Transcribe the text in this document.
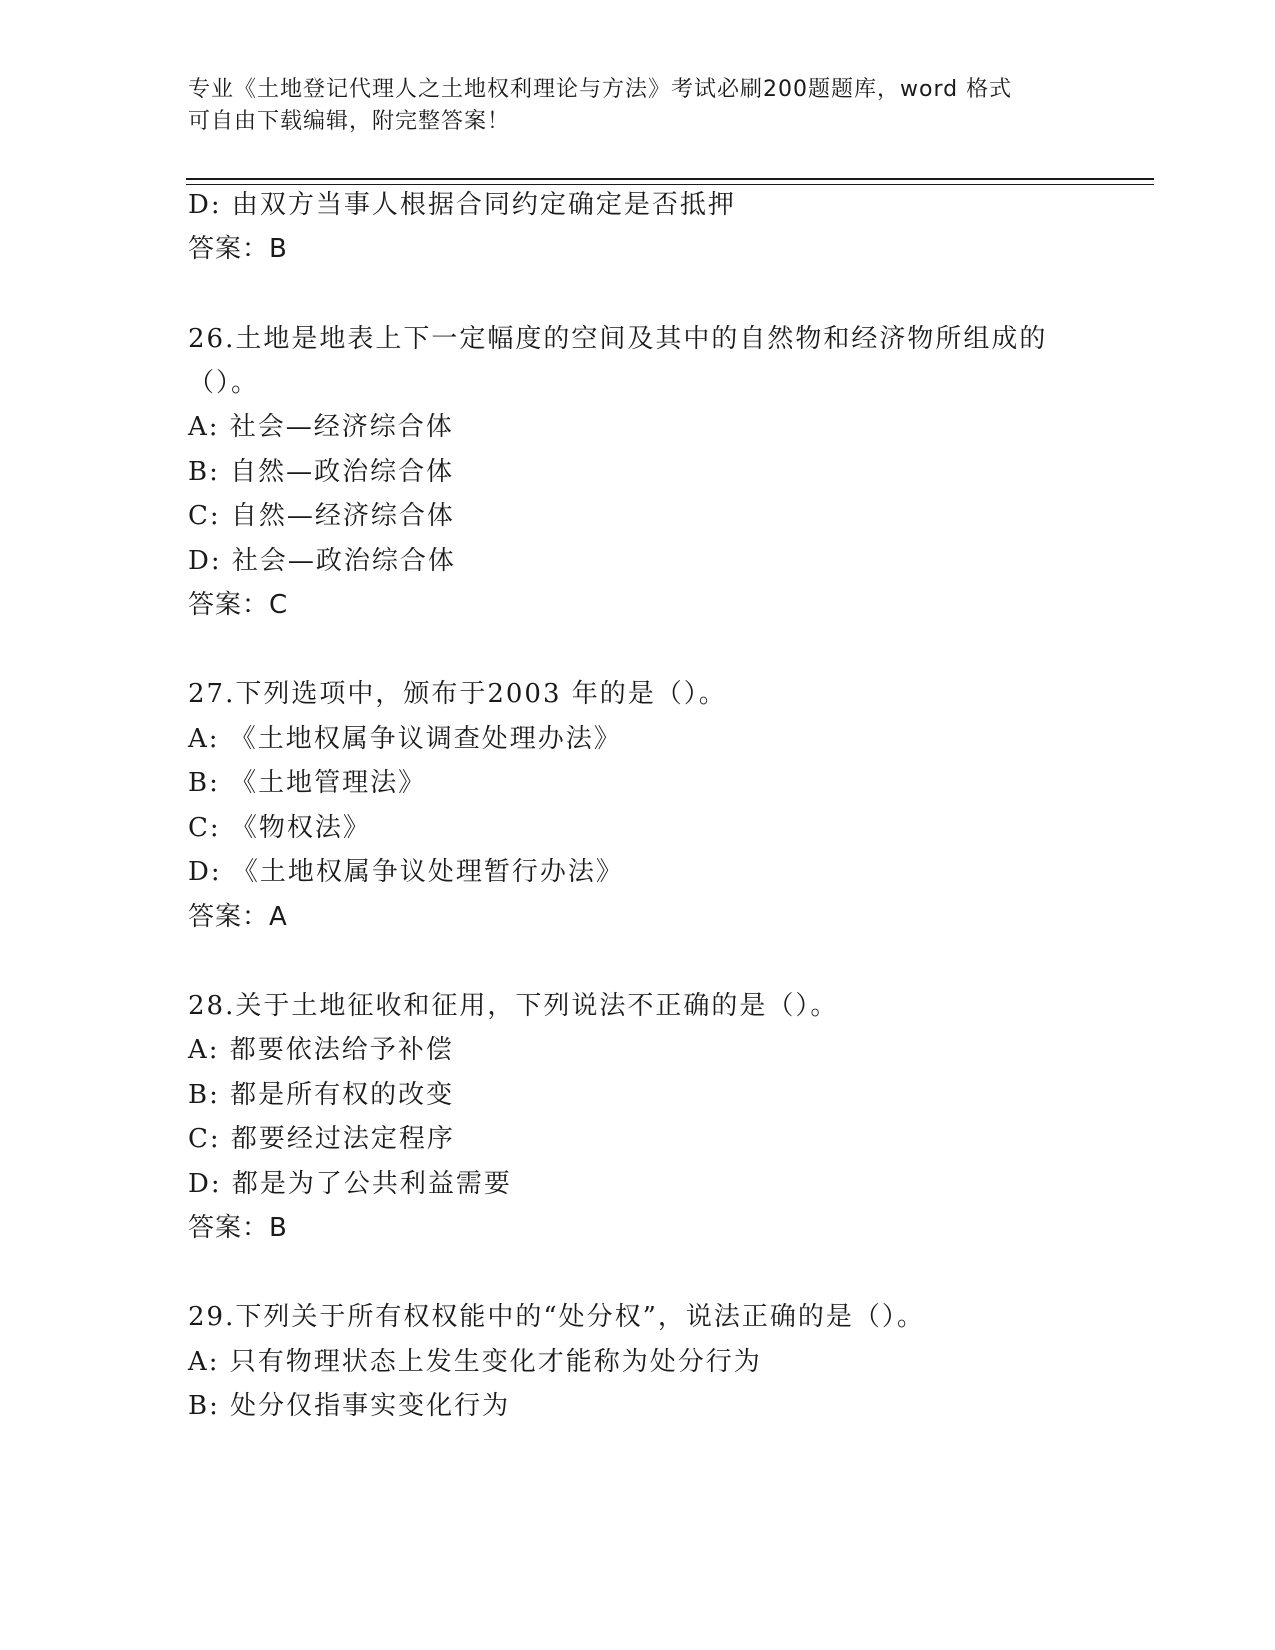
专业《土地登记代理人之土地权利理论与方法》考试必刷200题题库，word 格式
可自由下载编辑，附完整答案！
D: 由双方当事人根据合同约定确定是否抵押
答案：B
26.土地是地表上下一定幅度的空间及其中的自然物和经济物所组成的
（）。
A: 社会—经济综合体
B: 自然—政治综合体
C: 自然—经济综合体
D: 社会—政治综合体
答案：C
27.下列选项中，颁布于2003 年的是（）。
A: 《土地权属争议调查处理办法》
B: 《土地管理法》
C: 《物权法》
D: 《土地权属争议处理暂行办法》
答案：A
28.关于土地征收和征用，下列说法不正确的是（）。
A: 都要依法给予补偿
B: 都是所有权的改变
C: 都要经过法定程序
D: 都是为了公共利益需要
答案：B
29.下列关于所有权权能中的“处分权”，说法正确的是（）。
A: 只有物理状态上发生变化才能称为处分行为
B: 处分仅指事实变化行为
